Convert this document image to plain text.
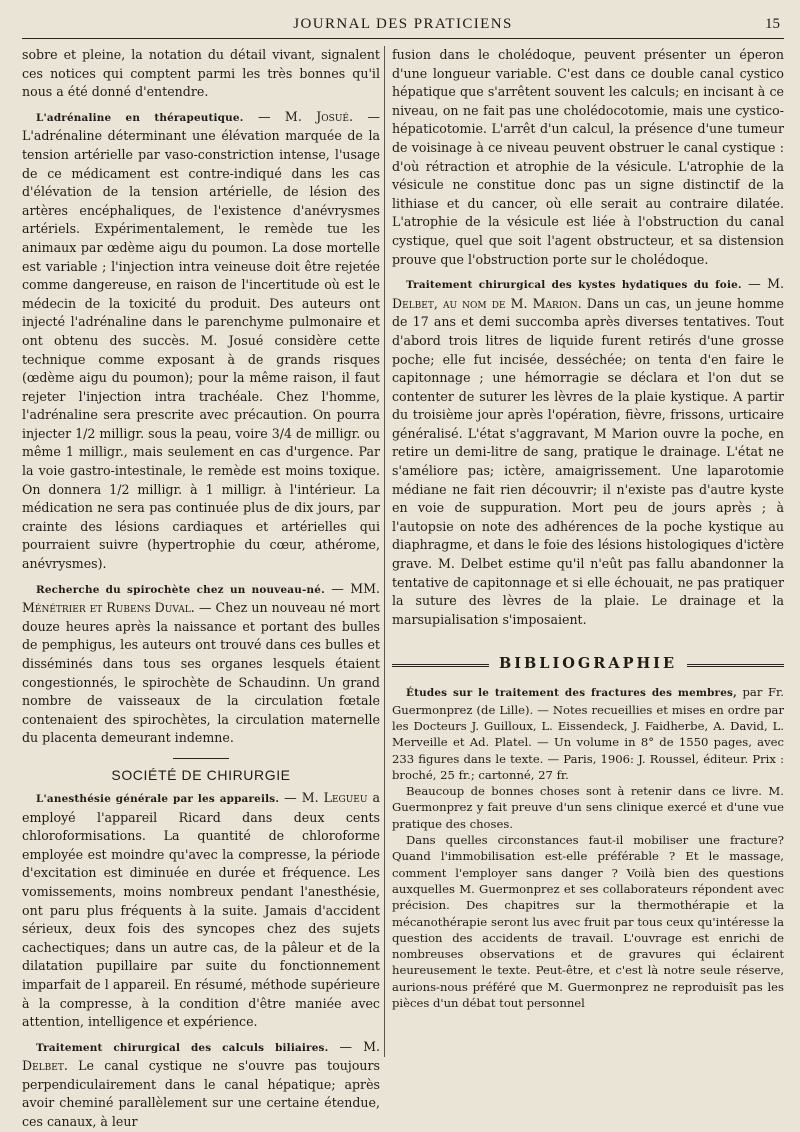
JOURNAL DES PRATICIENS	15

sobre et pleine, la notation du détail vivant, signalent ces notices qui comptent parmi les très bonnes qu'il nous a été donné d'entendre.

L'adrénaline en thérapeutique. — M. Josué. — L'adrénaline déterminant une élévation marquée de la tension artérielle par vaso-constriction intense, l'usage de ce médicament est contre-indiqué dans les cas d'élévation de la tension artérielle, de lésion des artères encéphaliques, de l'existence d'anévrysmes artériels. Expérimentalement, le remède tue les animaux par œdème aigu du poumon. La dose mortelle est variable ; l'injection intra veineuse doit être rejetée comme dangereuse, en raison de l'incertitude où est le médecin de la toxicité du produit. Des auteurs ont injecté l'adrénaline dans le parenchyme pulmonaire et ont obtenu des succès. M. Josué considère cette technique comme exposant à de grands risques (œdème aigu du poumon); pour la même raison, il faut rejeter l'injection intra trachéale. Chez l'homme, l'adrénaline sera prescrite avec précaution. On pourra injecter 1/2 milligr. sous la peau, voire 3/4 de milligr. ou même 1 milligr., mais seulement en cas d'urgence. Par la voie gastro-intestinale, le remède est moins toxique. On donnera 1/2 milligr. à 1 milligr. à l'intérieur. La médication ne sera pas continuée plus de dix jours, par crainte des lésions cardiaques et artérielles qui pourraient suivre (hypertrophie du cœur, athérome, anévrysmes).

Recherche du spirochète chez un nouveau-né. — MM. Ménétrier et Rubens Duval. — Chez un nouveau né mort douze heures après la naissance et portant des bulles de pemphigus, les auteurs ont trouvé dans ces bulles et disséminés dans tous ses organes lesquels étaient congestionnés, le spirochète de Schaudinn. Un grand nombre de vaisseaux de la circulation fœtale contenaient des spirochètes, la circulation maternelle du placenta demeurant indemne.

SOCIÉTÉ DE CHIRURGIE

L'anesthésie générale par les appareils. — M. Legueu a employé l'appareil Ricard dans deux cents chloroformisations. La quantité de chloroforme employée est moindre qu'avec la compresse, la période d'excitation est diminuée en durée et fréquence. Les vomissements, moins nombreux pendant l'anesthésie, ont paru plus fréquents à la suite. Jamais d'accident sérieux, deux fois des syncopes chez des sujets cachectiques; dans un autre cas, de la pâleur et de la dilatation pupillaire par suite du fonctionnement imparfait de l appareil. En résumé, méthode supérieure à la compresse, à la condition d'être maniée avec attention, intelligence et expérience.

Traitement chirurgical des calculs biliaires. — M. Delbet. Le canal cystique ne s'ouvre pas toujours perpendiculairement dans le canal hépatique; après avoir cheminé parallèlement sur une certaine étendue, ces canaux, à leur

fusion dans le cholédoque, peuvent présenter un éperon d'une longueur variable. C'est dans ce double canal cystico hépatique que s'arrêtent souvent les calculs; en incisant à ce niveau, on ne fait pas une cholédocotomie, mais une cystico-hépaticotomie. L'arrêt d'un calcul, la présence d'une tumeur de voisinage à ce niveau peuvent obstruer le canal cystique : d'où rétraction et atrophie de la vésicule. L'atrophie de la vésicule ne constitue donc pas un signe distinctif de la lithiase et du cancer, où elle serait au contraire dilatée. L'atrophie de la vésicule est liée à l'obstruction du canal cystique, quel que soit l'agent obstructeur, et sa distension prouve que l'obstruction porte sur le cholédoque.

Traitement chirurgical des kystes hydatiques du foie. — M. Delbet, au nom de M. Marion. Dans un cas, un jeune homme de 17 ans et demi succomba après diverses tentatives. Tout d'abord trois litres de liquide furent retirés d'une grosse poche; elle fut incisée, desséchée; on tenta d'en faire le capitonnage ; une hémorragie se déclara et l'on dut se contenter de suturer les lèvres de la plaie kystique. A partir du troisième jour après l'opération, fièvre, frissons, urticaire généralisé. L'état s'aggravant, M Marion ouvre la poche, en retire un demi-litre de sang, pratique le drainage. L'état ne s'améliore pas; ictère, amaigrissement. Une laparotomie médiane ne fait rien découvrir; il n'existe pas d'autre kyste en voie de suppuration. Mort peu de jours après ; à l'autopsie on note des adhérences de la poche kystique au diaphragme, et dans le foie des lésions histologiques d'ictère grave. M. Delbet estime qu'il n'eût pas fallu abandonner la tentative de capitonnage et si elle échouait, ne pas pratiquer la suture des lèvres de la plaie. Le drainage et la marsupialisation s'imposaient.

BIBLIOGRAPHIE

Études sur le traitement des fractures des membres, par Fr. Guermonprez (de Lille). — Notes recueillies et mises en ordre par les Docteurs J. Guilloux, L. Eissendeck, J. Faidherbe, A. David, L. Merveille et Ad. Platel. — Un volume in 8° de 1550 pages, avec 233 figures dans le texte. — Paris, 1906: J. Roussel, éditeur. Prix : broché, 25 fr.; cartonné, 27 fr.

Beaucoup de bonnes choses sont à retenir dans ce livre. M. Guermonprez y fait preuve d'un sens clinique exercé et d'une vue pratique des choses.

Dans quelles circonstances faut-il mobiliser une fracture? Quand l'immobilisation est-elle préférable ? Et le massage, comment l'employer sans danger ? Voilà bien des questions auxquelles M. Guermonprez et ses collaborateurs répondent avec précision. Des chapitres sur la thermothérapie et la mécanothérapie seront lus avec fruit par tous ceux qu'intéresse la question des accidents de travail. L'ouvrage est enrichi de nombreuses observations et de gravures qui éclairent heureusement le texte. Peut-être, et c'est là notre seule réserve, aurions-nous préféré que M. Guermonprez ne reproduisît pas les pièces d'un débat tout personnel
